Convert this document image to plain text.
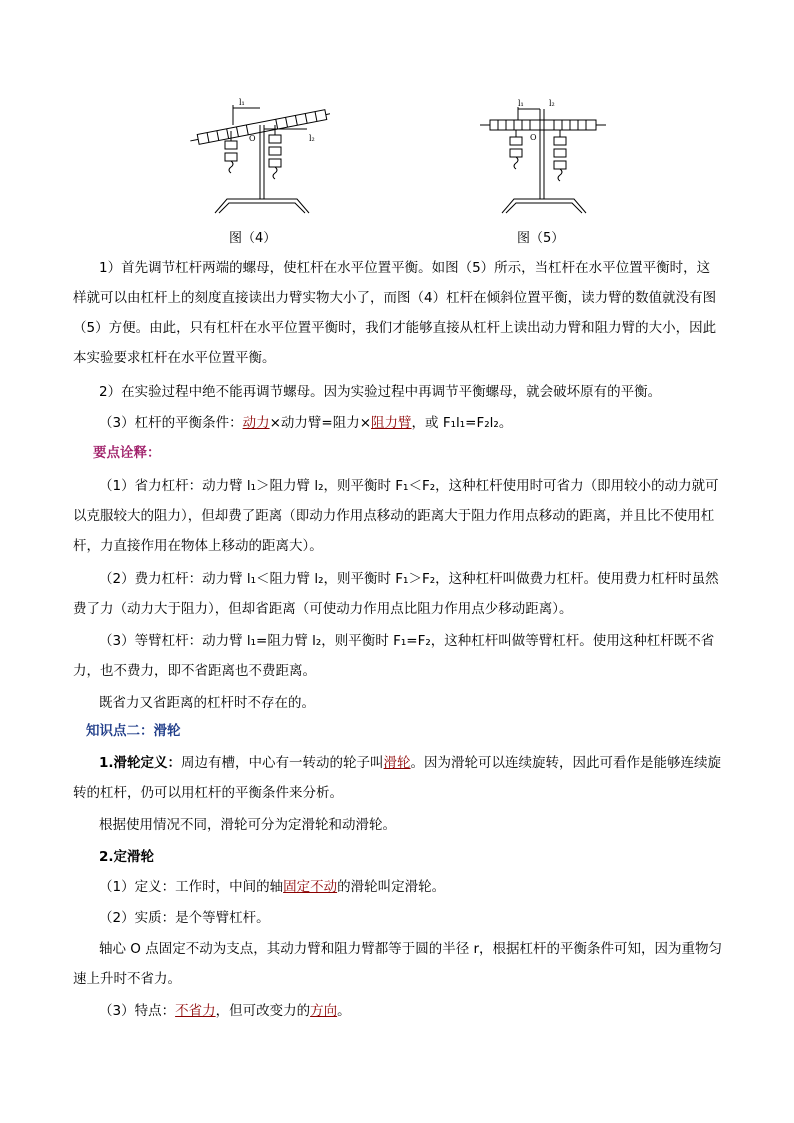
l₁
l₂
O
l₁	l₂
O
图（4）	图（5）

1）首先调节杠杆两端的螺母，使杠杆在水平位置平衡。如图（5）所示，当杠杆在水平位置平衡时，这样就可以由杠杆上的刻度直接读出力臂实物大小了，而图（4）杠杆在倾斜位置平衡，读力臂的数值就没有图（5）方便。由此，只有杠杆在水平位置平衡时，我们才能够直接从杠杆上读出动力臂和阻力臂的大小，因此本实验要求杠杆在水平位置平衡。

2）在实验过程中绝不能再调节螺母。因为实验过程中再调节平衡螺母，就会破坏原有的平衡。

（3）杠杆的平衡条件：动力×动力臂=阻力×阻力臂，或 F₁l₁=F₂l₂。

要点诠释：

（1）省力杠杆：动力臂 l₁＞阻力臂 l₂，则平衡时 F₁＜F₂，这种杠杆使用时可省力（即用较小的动力就可以克服较大的阻力），但却费了距离（即动力作用点移动的距离大于阻力作用点移动的距离，并且比不使用杠杆，力直接作用在物体上移动的距离大）。

（2）费力杠杆：动力臂 l₁＜阻力臂 l₂，则平衡时 F₁＞F₂，这种杠杆叫做费力杠杆。使用费力杠杆时虽然费了力（动力大于阻力），但却省距离（可使动力作用点比阻力作用点少移动距离）。

（3）等臂杠杆：动力臂 l₁=阻力臂 l₂，则平衡时 F₁=F₂，这种杠杆叫做等臂杠杆。使用这种杠杆既不省力，也不费力，即不省距离也不费距离。

既省力又省距离的杠杆时不存在的。

知识点二：滑轮

1.滑轮定义：周边有槽，中心有一转动的轮子叫滑轮。因为滑轮可以连续旋转，因此可看作是能够连续旋转的杠杆，仍可以用杠杆的平衡条件来分析。

根据使用情况不同，滑轮可分为定滑轮和动滑轮。

2.定滑轮

（1）定义：工作时，中间的轴固定不动的滑轮叫定滑轮。

（2）实质：是个等臂杠杆。

轴心 O 点固定不动为支点，其动力臂和阻力臂都等于圆的半径 r，根据杠杆的平衡条件可知，因为重物匀速上升时不省力。

（3）特点：不省力，但可改变力的方向。
